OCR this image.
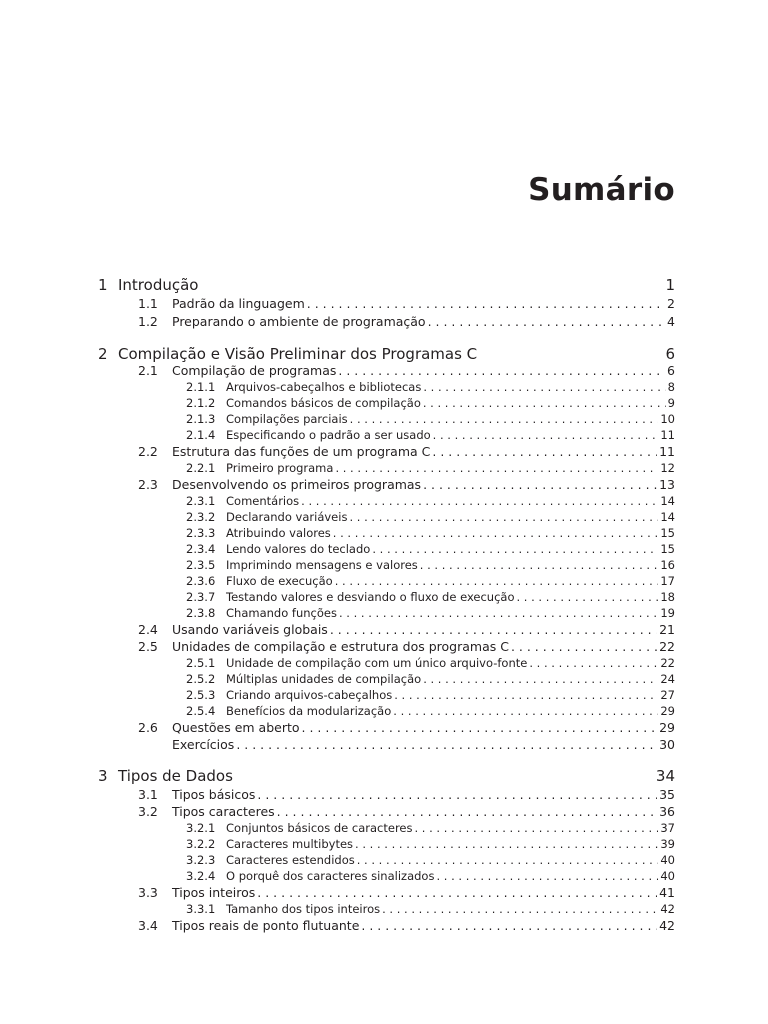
Sumário
1 Introdução	1
1.1 Padrão da linguagem . . .	2
1.2 Preparando o ambiente de programação . . .	4
2 Compilação e Visão Preliminar dos Programas C	6
2.1 Compilação de programas . . .	6
2.1.1 Arquivos-cabeçalhos e bibliotecas . . .	8
2.1.2 Comandos básicos de compilação . . .	9
2.1.3 Compilações parciais . . .	10
2.1.4 Especificando o padrão a ser usado . . .	11
2.2 Estrutura das funções de um programa C . . .	11
2.2.1 Primeiro programa . . .	12
2.3 Desenvolvendo os primeiros programas . . .	13
2.3.1 Comentários . . .	14
2.3.2 Declarando variáveis . . .	14
2.3.3 Atribuindo valores . . .	15
2.3.4 Lendo valores do teclado . . .	15
2.3.5 Imprimindo mensagens e valores . . .	16
2.3.6 Fluxo de execução . . .	17
2.3.7 Testando valores e desviando o fluxo de execução . . .	18
2.3.8 Chamando funções . . .	19
2.4 Usando variáveis globais . . .	21
2.5 Unidades de compilação e estrutura dos programas C . . .	22
2.5.1 Unidade de compilação com um único arquivo-fonte . . .	22
2.5.2 Múltiplas unidades de compilação . . .	24
2.5.3 Criando arquivos-cabeçalhos . . .	27
2.5.4 Benefícios da modularização . . .	29
2.6 Questões em aberto . . .	29
Exercícios . . .	30
3 Tipos de Dados	34
3.1 Tipos básicos . . .	35
3.2 Tipos caracteres . . .	36
3.2.1 Conjuntos básicos de caracteres . . .	37
3.2.2 Caracteres multibytes . . .	39
3.2.3 Caracteres estendidos . . .	40
3.2.4 O porquê dos caracteres sinalizados . . .	40
3.3 Tipos inteiros . . .	41
3.3.1 Tamanho dos tipos inteiros . . .	42
3.4 Tipos reais de ponto flutuante . . .	42
